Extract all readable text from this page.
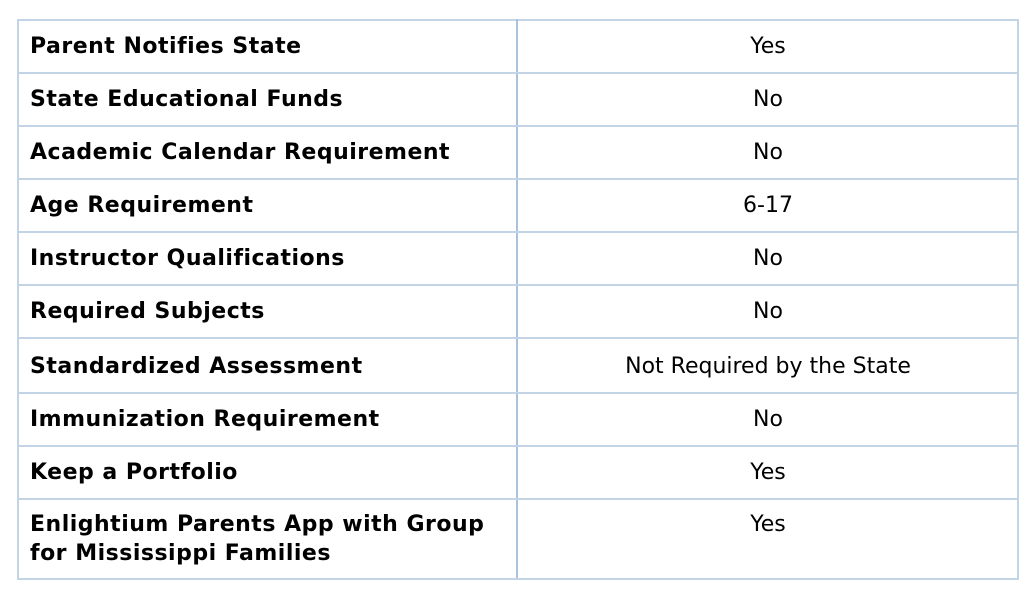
Parent Notifies State	Yes
State Educational Funds	No
Academic Calendar Requirement	No
Age Requirement	6-17
Instructor Qualifications	No
Required Subjects	No
Standardized Assessment	Not Required by the State
Immunization Requirement	No
Keep a Portfolio	Yes
Enlightium Parents App with Group for Mississippi Families	Yes
